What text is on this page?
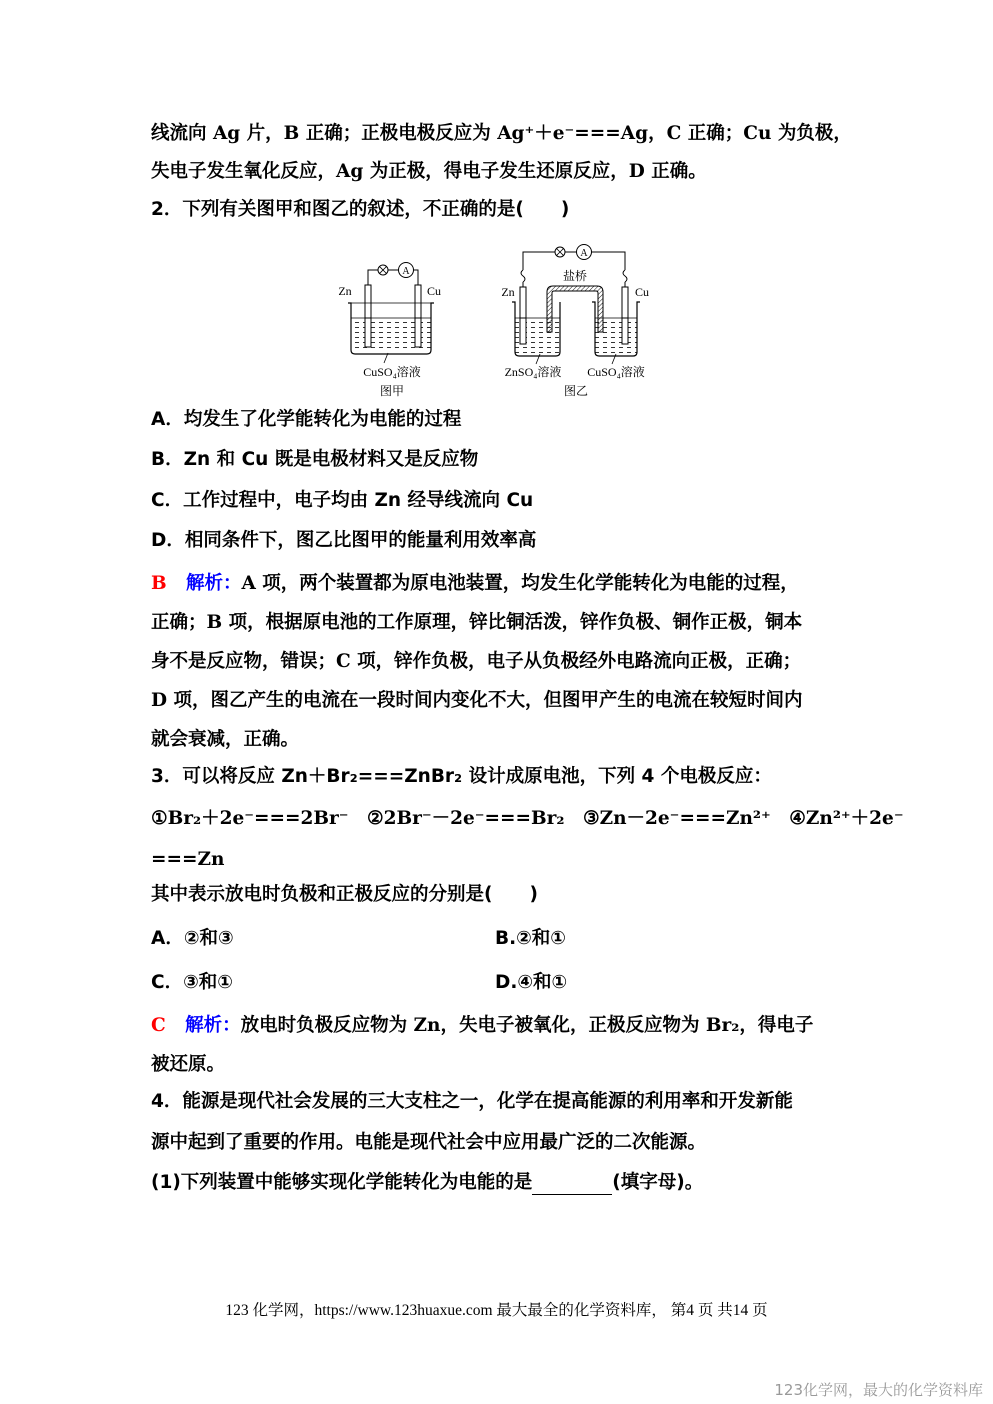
线流向 Ag 片，B 正确；正极电极反应为 Ag⁺＋e⁻===Ag，C 正确；Cu 为负极，
失电子发生氧化反应，Ag 为正极，得电子发生还原反应，D 正确。
2．下列有关图甲和图乙的叙述，不正确的是(　　)
A
Zn	Cu
CuSO₄溶液
图甲
A
盐桥
Zn	Cu
ZnSO₄溶液 CuSO₄溶液
图乙
A．均发生了化学能转化为电能的过程
B．Zn 和 Cu 既是电极材料又是反应物
C．工作过程中，电子均由 Zn 经导线流向 Cu
D．相同条件下，图乙比图甲的能量利用效率高
B 解析：A 项，两个装置都为原电池装置，均发生化学能转化为电能的过程，
正确；B 项，根据原电池的工作原理，锌比铜活泼，锌作负极、铜作正极，铜本
身不是反应物，错误；C 项，锌作负极，电子从负极经外电路流向正极，正确；
D 项，图乙产生的电流在一段时间内变化不大，但图甲产生的电流在较短时间内
就会衰减，正确。
3．可以将反应 Zn＋Br₂===ZnBr₂ 设计成原电池，下列 4 个电极反应：
①Br₂＋2e⁻===2Br⁻　②2Br⁻－2e⁻===Br₂　③Zn－2e⁻===Zn²⁺　④Zn²⁺＋2e⁻
===Zn
其中表示放电时负极和正极反应的分别是(　　)
A．②和③	B.②和①
C．③和①	D.④和①
C 解析：放电时负极反应物为 Zn，失电子被氧化，正极反应物为 Br₂，得电子
被还原。
4．能源是现代社会发展的三大支柱之一，化学在提高能源的利用率和开发新能
源中起到了重要的作用。电能是现代社会中应用最广泛的二次能源。
(1)下列装置中能够实现化学能转化为电能的是	(填字母)。
123 化学网，https://www.123huaxue.com 最大最全的化学资料库， 第4 页 共14 页
123化学网，最大的化学资料库
